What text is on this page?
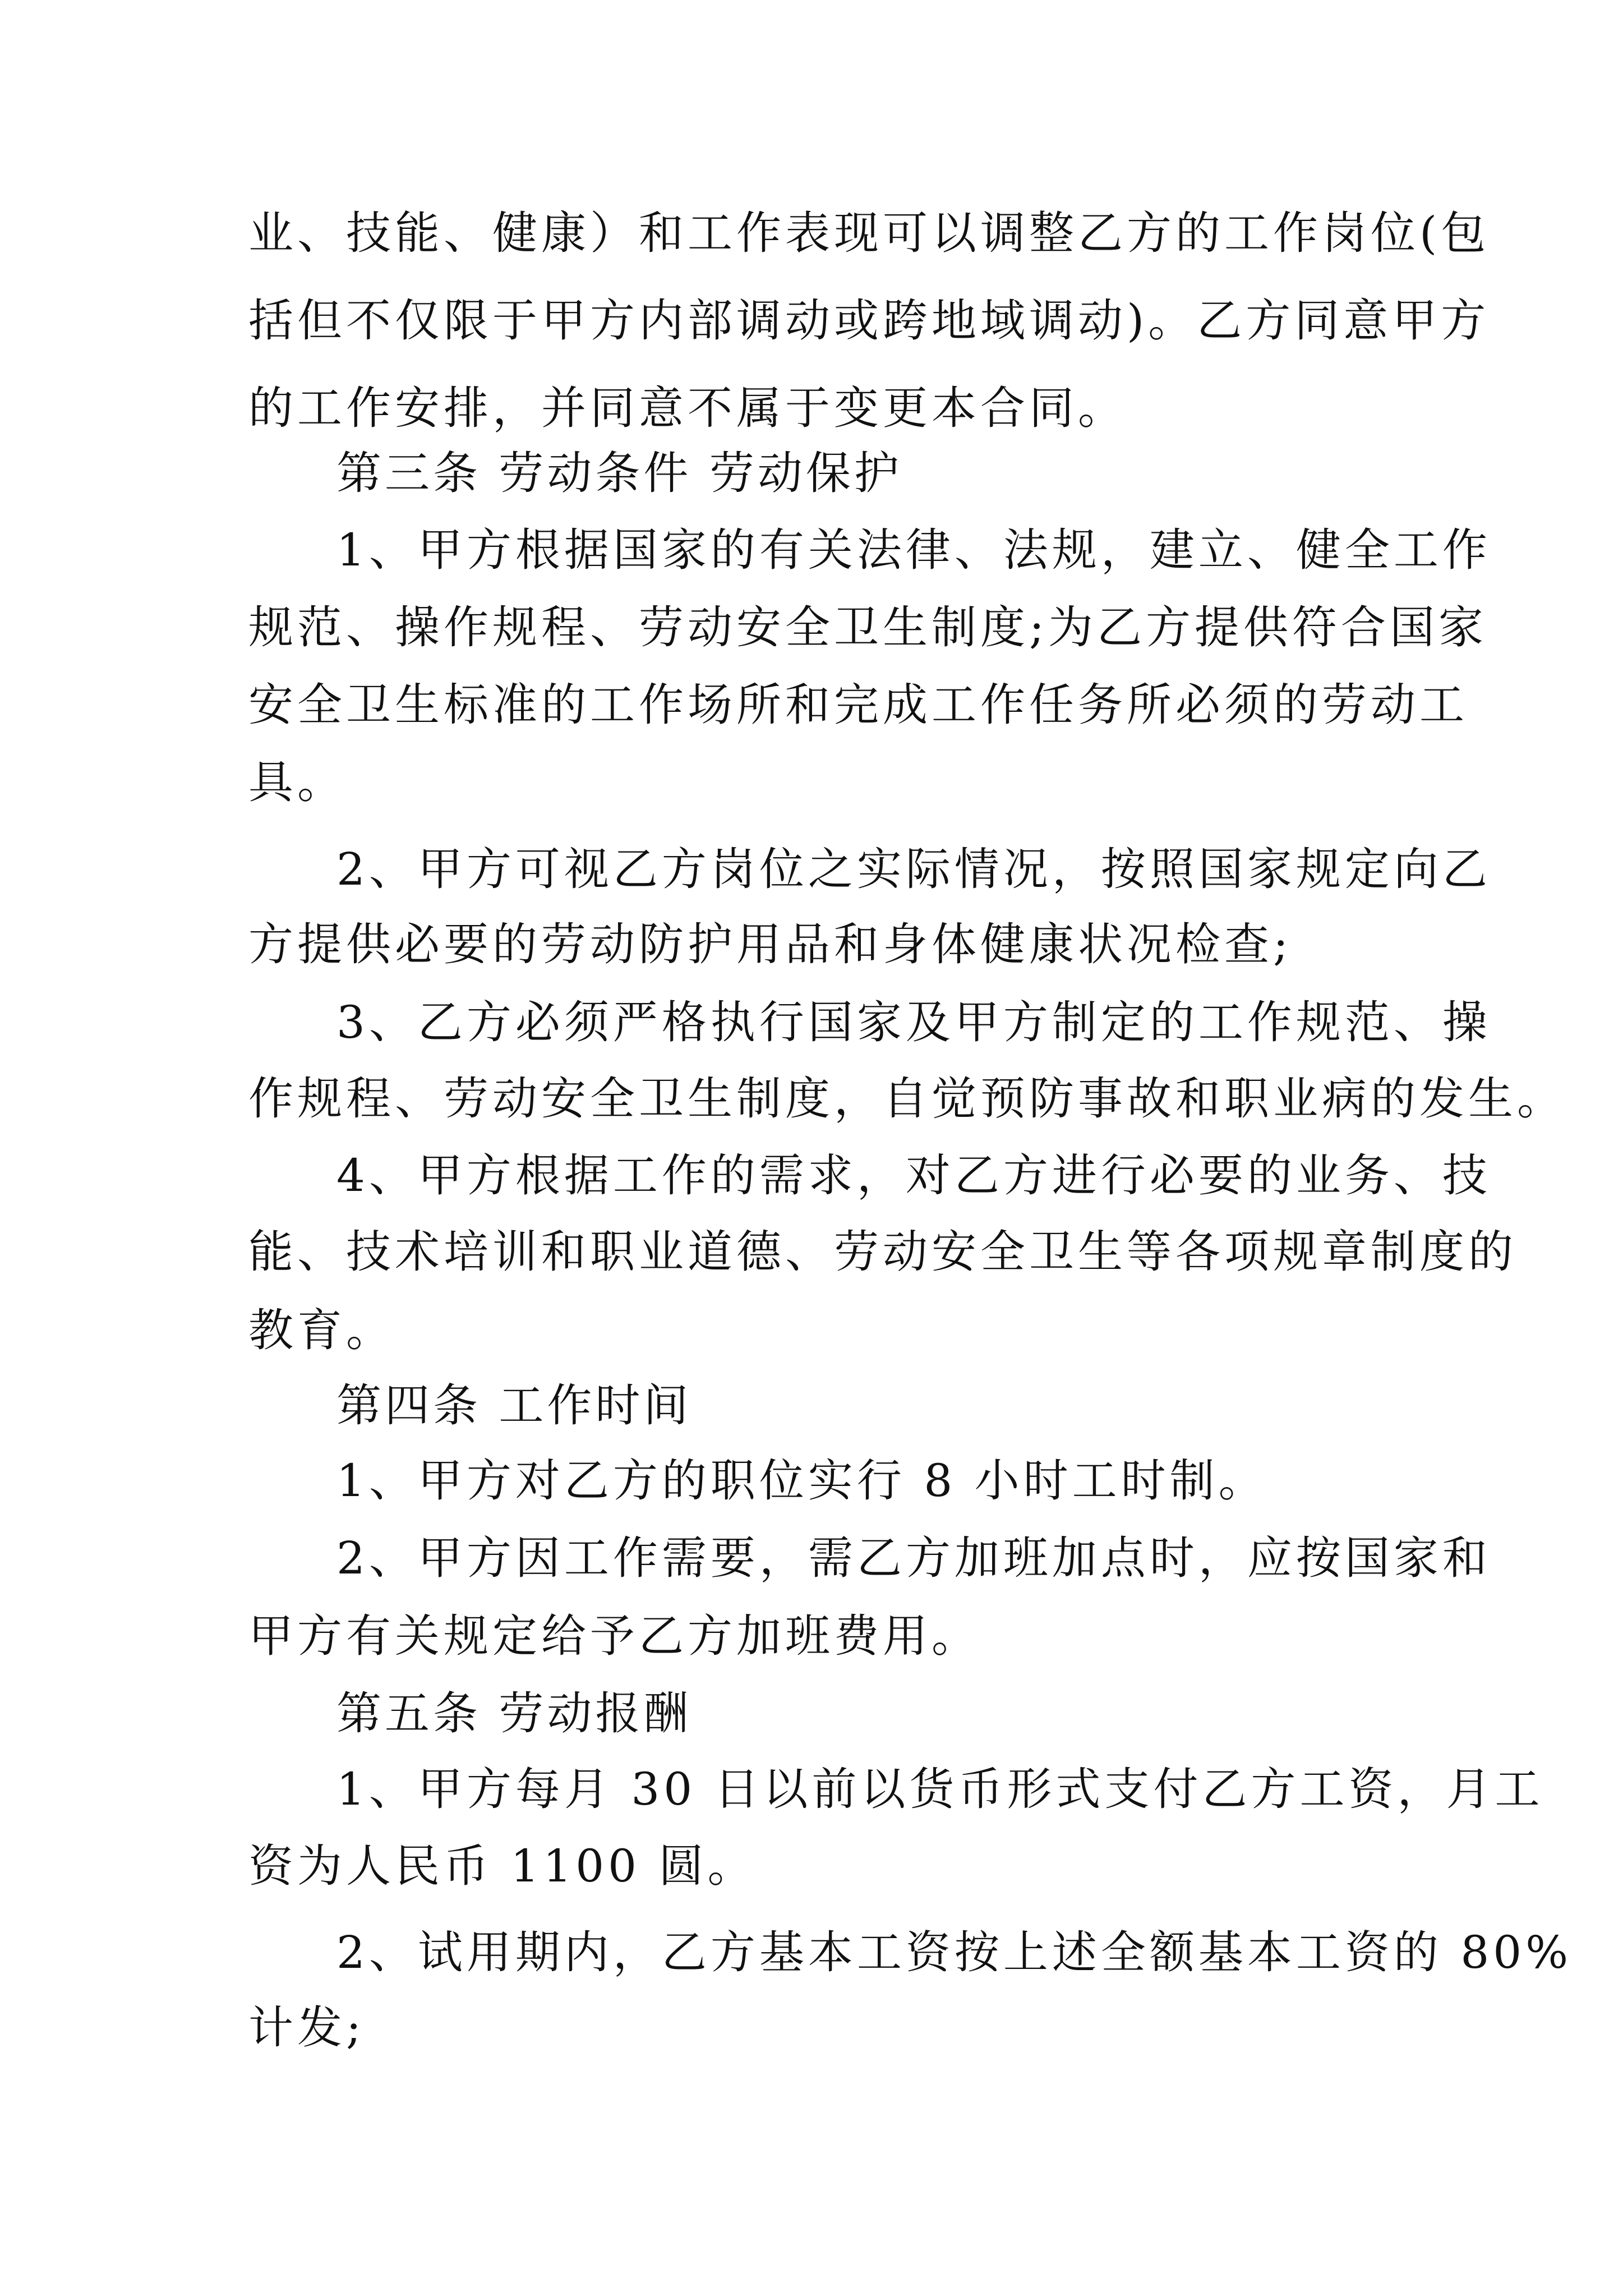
业、技能、健康）和工作表现可以调整乙方的工作岗位(包
括但不仅限于甲方内部调动或跨地域调动)。乙方同意甲方
的工作安排，并同意不属于变更本合同。
第三条 劳动条件 劳动保护
1、甲方根据国家的有关法律、法规，建立、健全工作
规范、操作规程、劳动安全卫生制度;为乙方提供符合国家
安全卫生标准的工作场所和完成工作任务所必须的劳动工
具。
2、甲方可视乙方岗位之实际情况，按照国家规定向乙
方提供必要的劳动防护用品和身体健康状况检查;
3、乙方必须严格执行国家及甲方制定的工作规范、操
作规程、劳动安全卫生制度，自觉预防事故和职业病的发生。
4、甲方根据工作的需求，对乙方进行必要的业务、技
能、技术培训和职业道德、劳动安全卫生等各项规章制度的
教育。
第四条 工作时间
1、甲方对乙方的职位实行 8 小时工时制。
2、甲方因工作需要，需乙方加班加点时，应按国家和
甲方有关规定给予乙方加班费用。
第五条 劳动报酬
1、甲方每月 30 日以前以货币形式支付乙方工资，月工
资为人民币 1100 圆。
2、试用期内，乙方基本工资按上述全额基本工资的 80%
计发;
